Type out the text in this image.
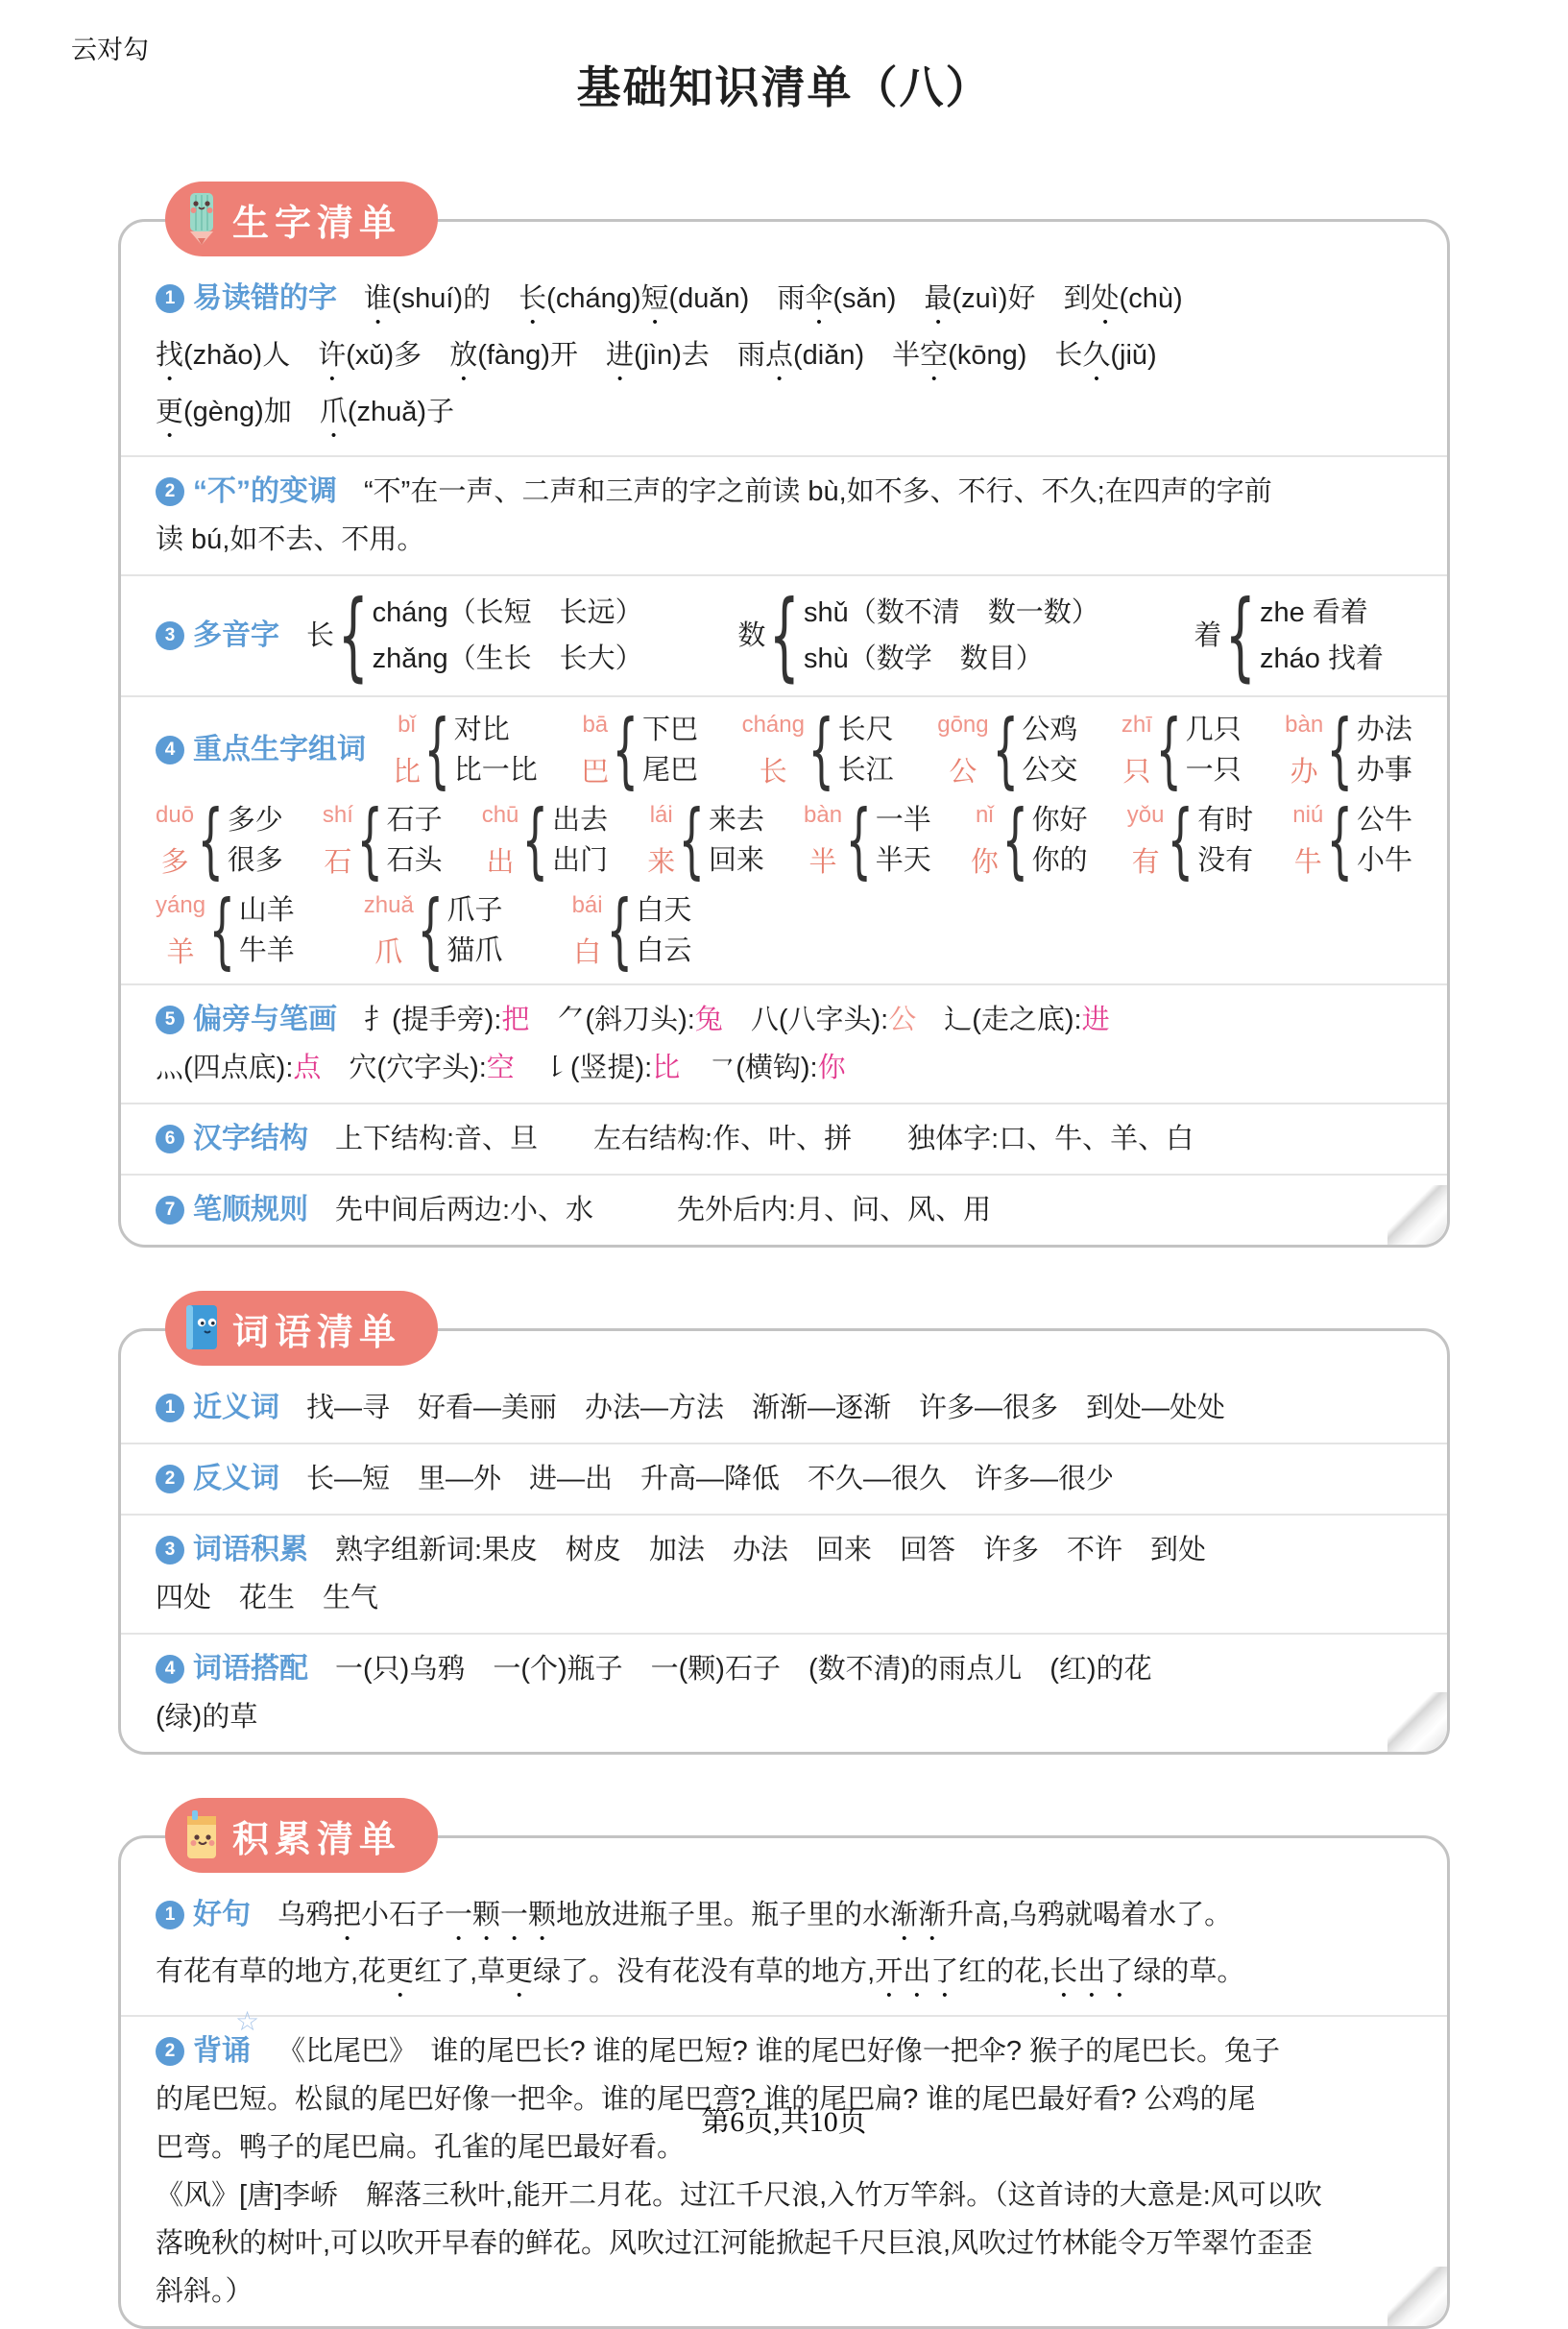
云对勾
基础知识清单（八）
生字清单
1 易读错的字 谁(shuí)的　长(cháng)短(duǎn)　雨伞(sǎn)　最(zuì)好　到处(chù)
找(zhǎo)人　许(xǔ)多　放(fàng)开　进(jìn)去　雨点(diǎn)　半空(kōng)　长久(jiǔ)
更(gèng)加　爪(zhuǎ)子
2 “不”的变调 “不”在一声、二声和三声的字之前读 bù,如不多、不行、不久;在四声的字前
读 bú,如不去、不用。
3 多音字 长 { cháng（长短　长远）
zhǎng（生长　长大）
数 { shǔ（数不清　数一数）
shù（数学　数目）
着 { zhe 看着
zháo 找着
4 重点生字组词
bǐ
比 { 对比
比一比
bā
巴 { 下巴
尾巴
cháng
长 { 长尺
长江
gōng
公 { 公鸡
公交
zhī
只 { 几只
一只
bàn
办 { 办法
办事
duō
多 { 多少
很多
shí
石 { 石子
石头
chū
出 { 出去
出门
lái
来 { 来去
回来
bàn
半 { 一半
半天
nǐ
你 { 你好
你的
yǒu
有 { 有时
没有
niú
牛 { 公牛
小牛
yáng
羊 { 山羊
牛羊
zhuǎ
爪 { 爪子
猫爪
bái
白 { 白天
白云
5 偏旁与笔画 扌(提手旁):把　 ⺈(斜刀头):兔　 八(八字头):公　 辶(走之底):进
灬(四点底):点　 穴(穴字头):空　 ㇙(竖提):比　 ㇖(横钩):你
6 汉字结构 上下结构:音、旦　　左右结构:作、叶、拼　　独体字:口、牛、羊、白
7 笔顺规则 先中间后两边:小、水　　　先外后内:月、问、风、用
词语清单
1 近义词 找—寻　好看—美丽　办法—方法　渐渐—逐渐　许多—很多　到处—处处
2 反义词 长—短　里—外　进—出　升高—降低　不久—很久　许多—很少
3 词语积累 熟字组新词:果皮　树皮　加法　办法　回来　回答　许多　不许　到处
四处　花生　生气
4 词语搭配 一(只)乌鸦　一(个)瓶子　一(颗)石子　(数不清)的雨点儿　(红)的花
(绿)的草
积累清单
1 好句 乌鸦把小石子一颗一颗地放进瓶子里。瓶子里的水渐渐升高,乌鸦就喝着水了。
有花有草的地方,花更红了,草更绿了。没有花没有草的地方,开出了红的花,长出了绿的草。
2 背诵 《比尾巴》　谁的尾巴长? 谁的尾巴短? 谁的尾巴好像一把伞? 猴子的尾巴长。兔子
的尾巴短。松鼠的尾巴好像一把伞。谁的尾巴弯? 谁的尾巴扁? 谁的尾巴最好看? 公鸡的尾
巴弯。鸭子的尾巴扁。孔雀的尾巴最好看。
《风》[唐]李峤　解落三秋叶,能开二月花。过江千尺浪,入竹万竿斜。（这首诗的大意是:风可以吹
落晚秋的树叶,可以吹开早春的鲜花。风吹过江河能掀起千尺巨浪,风吹过竹林能令万竿翠竹歪歪
斜斜。）
☆
第6页,共10页
